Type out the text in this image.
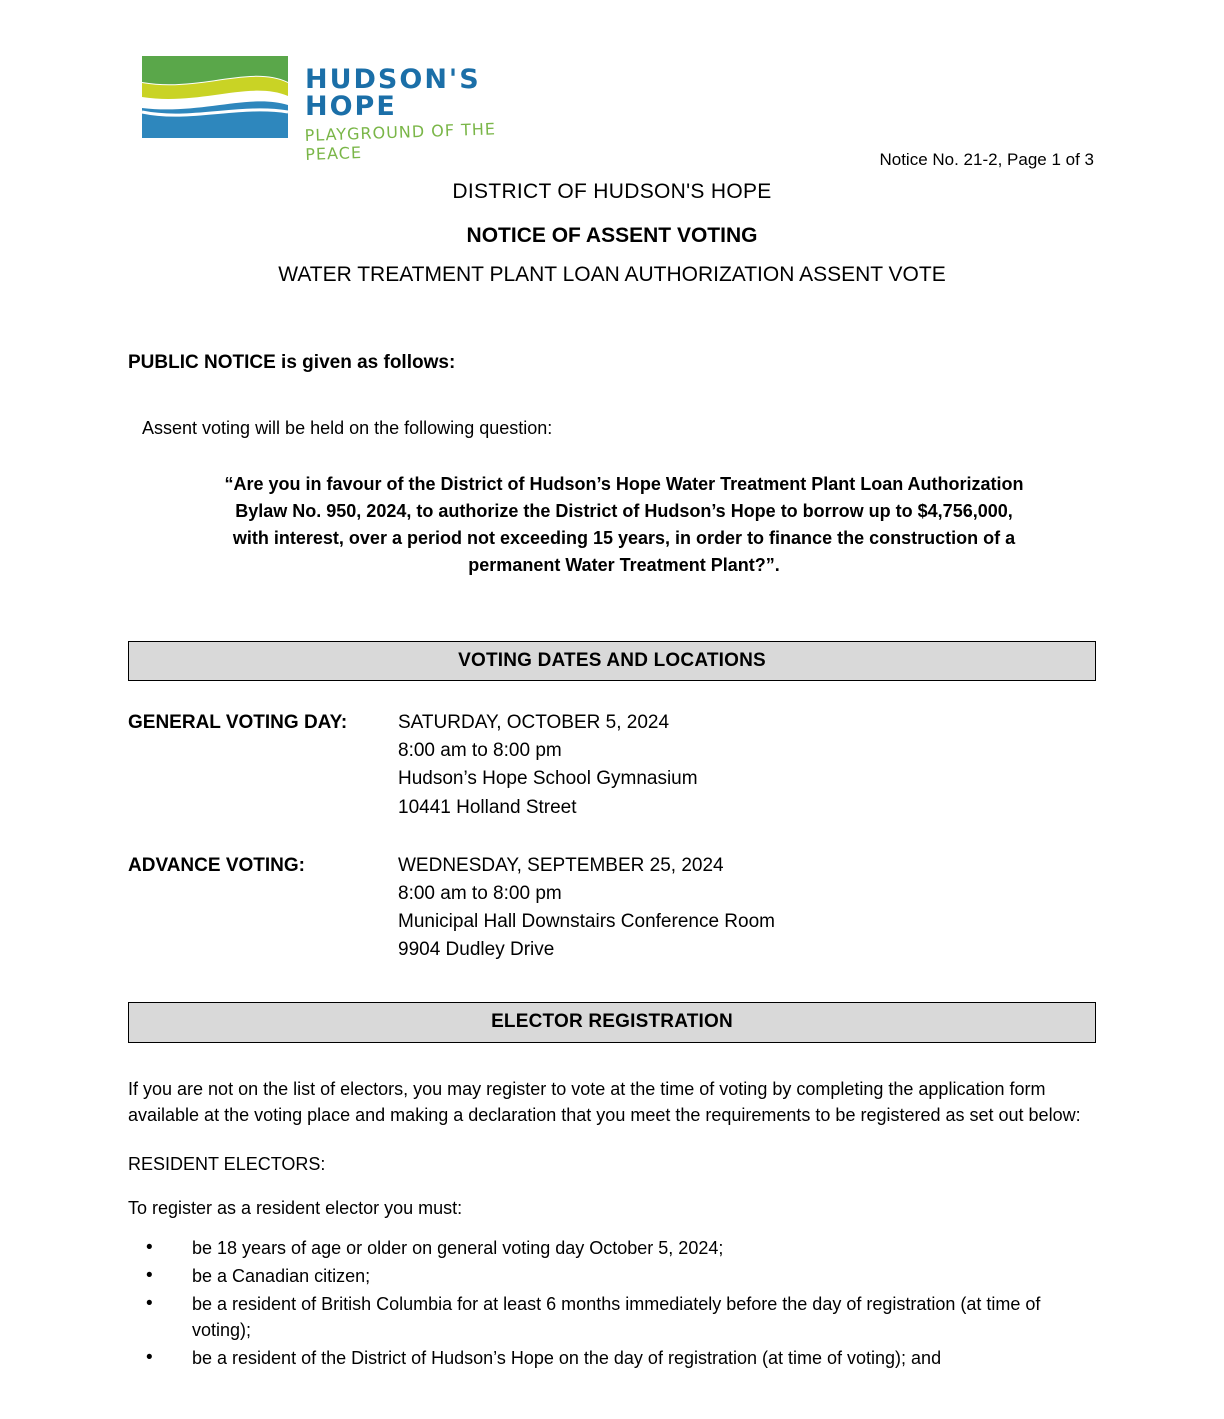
HUDSON'S
HOPE
PLAYGROUND OF THE PEACE	Notice No. 21-2, Page 1 of 3
DISTRICT OF HUDSON'S HOPE
NOTICE OF ASSENT VOTING
WATER TREATMENT PLANT LOAN AUTHORIZATION ASSENT VOTE
PUBLIC NOTICE is given as follows:
Assent voting will be held on the following question:
“Are you in favour of the District of Hudson’s Hope Water Treatment Plant Loan Authorization Bylaw No. 950, 2024, to authorize the District of Hudson’s Hope to borrow up to $4,756,000, with interest, over a period not exceeding 15 years, in order to finance the construction of a permanent Water Treatment Plant?”.
VOTING DATES AND LOCATIONS
GENERAL VOTING DAY:	SATURDAY, OCTOBER 5, 2024
8:00 am to 8:00 pm
Hudson’s Hope School Gymnasium
10441 Holland Street

ADVANCE VOTING:	WEDNESDAY, SEPTEMBER 25, 2024
8:00 am to 8:00 pm
Municipal Hall Downstairs Conference Room
9904 Dudley Drive
ELECTOR REGISTRATION
If you are not on the list of electors, you may register to vote at the time of voting by completing the application form available at the voting place and making a declaration that you meet the requirements to be registered as set out below:
RESIDENT ELECTORS:
To register as a resident elector you must:
• be 18 years of age or older on general voting day October 5, 2024;
• be a Canadian citizen;
• be a resident of British Columbia for at least 6 months immediately before the day of registration (at time of voting);
• be a resident of the District of Hudson’s Hope on the day of registration (at time of voting); and
